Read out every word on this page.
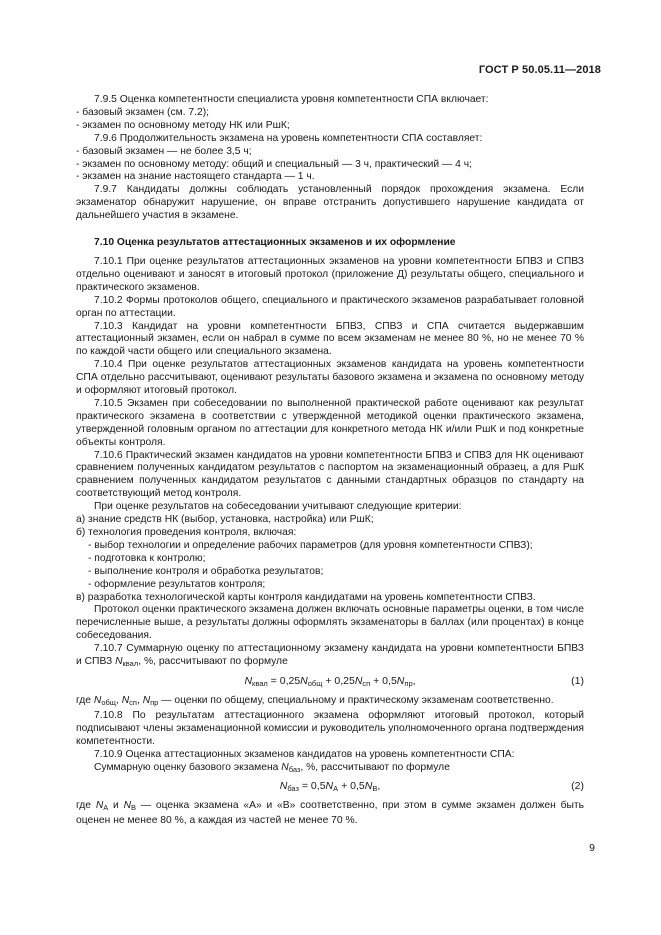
ГОСТ Р 50.05.11—2018

7.9.5 Оценка компетентности специалиста уровня компетентности СПА включает:

- базовый экзамен (см. 7.2);

- экзамен по основному методу НК или РшК;

7.9.6 Продолжительность экзамена на уровень компетентности СПА составляет:

- базовый экзамен — не более 3,5 ч;

- экзамен по основному методу: общий и специальный — 3 ч, практический — 4 ч;

- экзамен на знание настоящего стандарта — 1 ч.

7.9.7 Кандидаты должны соблюдать установленный порядок прохождения экзамена. Если экзаменатор обнаружит нарушение, он вправе отстранить допустившего нарушение кандидата от дальнейшего участия в экзамене.

7.10 Оценка результатов аттестационных экзаменов и их оформление

7.10.1 При оценке результатов аттестационных экзаменов на уровни компетентности БПВЗ и СПВЗ отдельно оценивают и заносят в итоговый протокол (приложение Д) результаты общего, специального и практического экзаменов.

7.10.2 Формы протоколов общего, специального и практического экзаменов разрабатывает головной орган по аттестации.

7.10.3 Кандидат на уровни компетентности БПВЗ, СПВЗ и СПА считается выдержавшим аттестационный экзамен, если он набрал в сумме по всем экзаменам не менее 80 %, но не менее 70 % по каждой части общего или специального экзамена.

7.10.4 При оценке результатов аттестационных экзаменов кандидата на уровень компетентности СПА отдельно рассчитывают, оценивают результаты базового экзамена и экзамена по основному методу и оформляют итоговый протокол.

7.10.5 Экзамен при собеседовании по выполненной практической работе оценивают как результат практического экзамена в соответствии с утвержденной методикой оценки практического экзамена, утвержденной головным органом по аттестации для конкретного метода НК и/или РшК и под конкретные объекты контроля.

7.10.6 Практический экзамен кандидатов на уровни компетентности БПВЗ и СПВЗ для НК оценивают сравнением полученных кандидатом результатов с паспортом на экзаменационный образец, а для РшК сравнением полученных кандидатом результатов с данными стандартных образцов по стандарту на соответствующий метод контроля.

При оценке результатов на собеседовании учитывают следующие критерии:

а) знание средств НК (выбор, установка, настройка) или РшК;

б) технология проведения контроля, включая:

- выбор технологии и определение рабочих параметров (для уровня компетентности СПВЗ);

- подготовка к контролю;

- выполнение контроля и обработка результатов;

- оформление результатов контроля;

в) разработка технологической карты контроля кандидатами на уровень компетентности СПВЗ.

Протокол оценки практического экзамена должен включать основные параметры оценки, в том числе перечисленные выше, а результаты должны оформлять экзаменаторы в баллах (или процентах) в конце собеседования.

7.10.7 Суммарную оценку по аттестационному экзамену кандидата на уровни компетентности БПВЗ и СПВЗ $N_{квал}$, %, рассчитывают по формуле

$N_{квал} = 0,25N_{общ} + 0,25N_{сп} + 0,5N_{пр}$,	(1)

где $N_{общ}$, $N_{сп}$, $N_{пр}$ — оценки по общему, специальному и практическому экзаменам соответственно.

7.10.8 По результатам аттестационного экзамена оформляют итоговый протокол, который подписывают члены экзаменационной комиссии и руководитель уполномоченного органа подтверждения компетентности.

7.10.9 Оценка аттестационных экзаменов кандидатов на уровень компетентности СПА:

Суммарную оценку базового экзамена $N_{баз}$, %, рассчитывают по формуле

$N_{баз} = 0,5N_А + 0,5N_В$,	(2)

где $N_А$ и $N_В$ — оценка экзамена «А» и «В» соответственно, при этом в сумме экзамен должен быть оценен не менее 80 %, а каждая из частей не менее 70 %.

9
